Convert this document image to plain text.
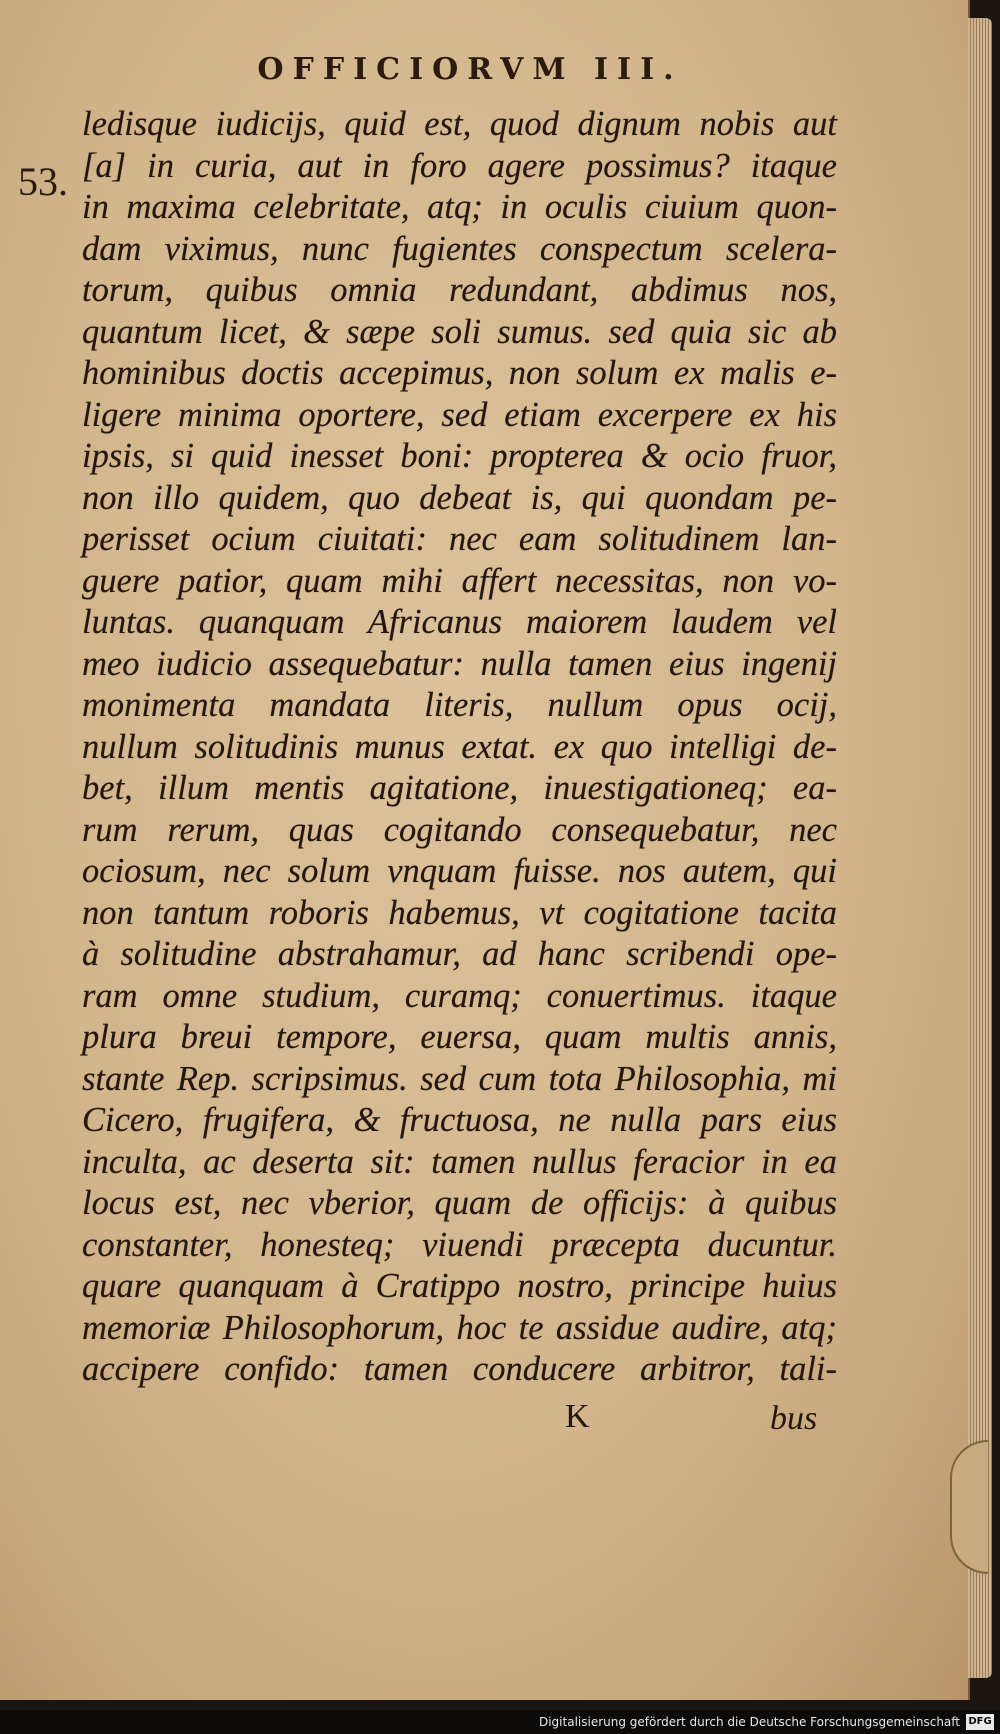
OFFICIORVM III.
53.
ledisque iudicijs, quid est, quod dignum nobis aut
[a] in curia, aut in foro agere possimus? itaque
in maxima celebritate, atq; in oculis ciuium quon-
dam viximus, nunc fugientes conspectum scelera-
torum, quibus omnia redundant, abdimus nos,
quantum licet, & sæpe soli sumus. sed quia sic ab
hominibus doctis accepimus, non solum ex malis e-
ligere minima oportere, sed etiam excerpere ex his
ipsis, si quid inesset boni: propterea & ocio fruor,
non illo quidem, quo debeat is, qui quondam pe-
perisset ocium ciuitati: nec eam solitudinem lan-
guere patior, quam mihi affert necessitas, non vo-
luntas. quanquam Africanus maiorem laudem vel
meo iudicio assequebatur: nulla tamen eius ingenij
monimenta mandata literis, nullum opus ocij,
nullum solitudinis munus extat. ex quo intelligi de-
bet, illum mentis agitatione, inuestigationeq; ea-
rum rerum, quas cogitando consequebatur, nec
ociosum, nec solum vnquam fuisse. nos autem, qui
non tantum roboris habemus, vt cogitatione tacita
à solitudine abstrahamur, ad hanc scribendi ope-
ram omne studium, curamq; conuertimus. itaque
plura breui tempore, euersa, quam multis annis,
stante Rep. scripsimus. sed cum tota Philosophia, mi
Cicero, frugifera, & fructuosa, ne nulla pars eius
inculta, ac deserta sit: tamen nullus feracior in ea
locus est, nec vberior, quam de officijs: à quibus
constanter, honesteq; viuendi præcepta ducuntur.
quare quanquam à Cratippo nostro, principe huius
memoriæ Philosophorum, hoc te assidue audire, atq;
accipere confido: tamen conducere arbitror, tali-
K	bus
Digitalisierung gefördert durch die Deutsche Forschungsgemeinschaft DFG
